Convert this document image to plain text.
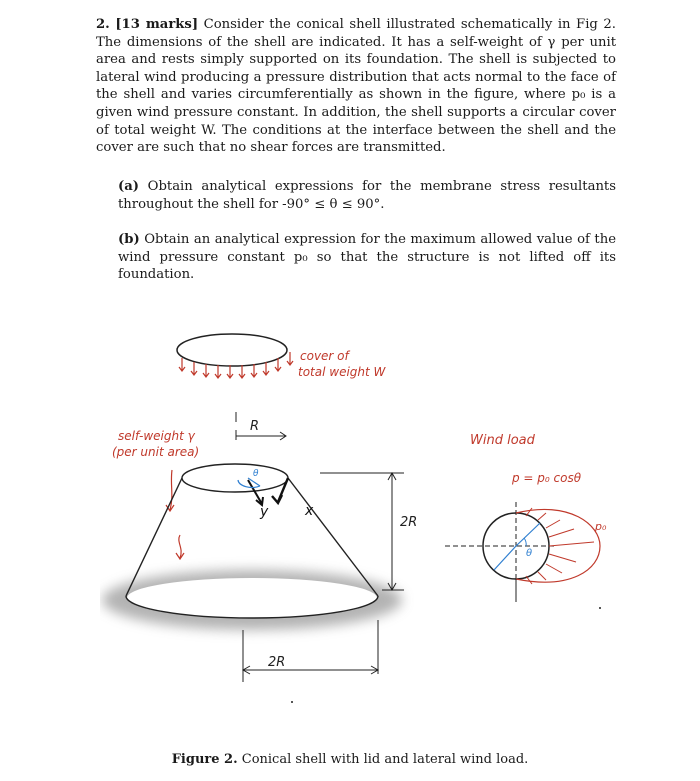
2. [13 marks] Consider the conical shell illustrated schematically in Fig 2. The dimensions of the shell are indicated. It has a self-weight of γ per unit area and rests simply supported on its foundation. The shell is subjected to lateral wind producing a pressure distribution that acts normal to the face of the shell and varies circumferentially as shown in the figure, where p₀ is a given wind pressure constant. In addition, the shell supports a circular cover of total weight W. The conditions at the interface between the shell and the cover are such that no shear forces are transmitted.
(a) Obtain analytical expressions for the membrane stress resultants throughout the shell for -90° ≤ θ ≤ 90°.
(b) Obtain an analytical expression for the maximum allowed value of the wind pressure constant p₀ so that the structure is not lifted off its foundation.
cover of
total weight W
self-weight γ
(per unit area)
R
θ
y	x
2R
2R
Wind load
p = p₀ cosθ
θ
p₀
Figure 2. Conical shell with lid and lateral wind load.
